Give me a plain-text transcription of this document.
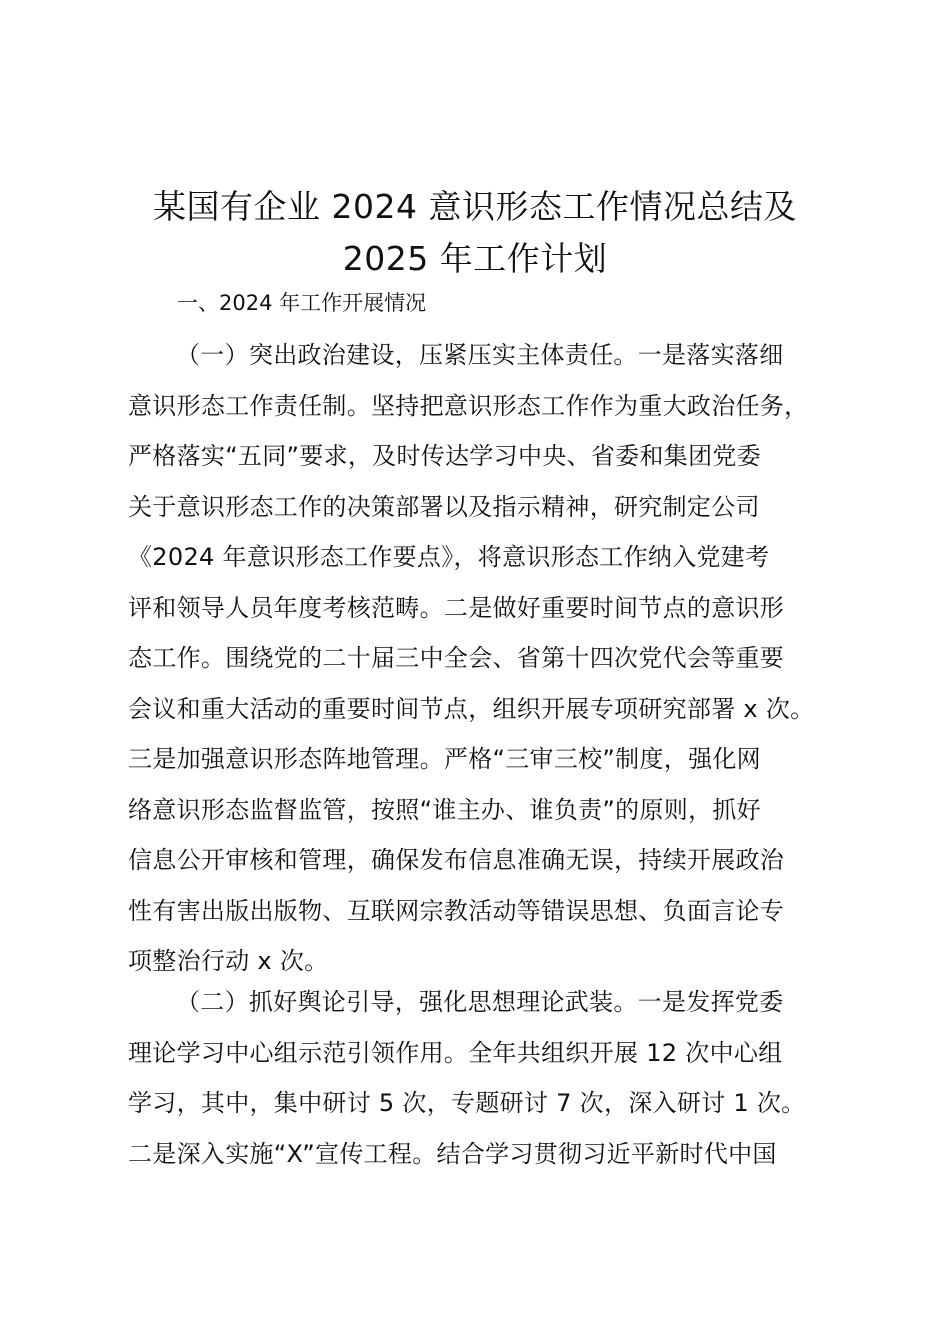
某国有企业 2024 意识形态工作情况总结及
2025 年工作计划
一、2024 年工作开展情况
（一）突出政治建设，压紧压实主体责任。一是落实落细
意识形态工作责任制。坚持把意识形态工作作为重大政治任务，
严格落实“五同”要求，及时传达学习中央、省委和集团党委
关于意识形态工作的决策部署以及指示精神，研究制定公司
《2024 年意识形态工作要点》，将意识形态工作纳入党建考
评和领导人员年度考核范畴。二是做好重要时间节点的意识形
态工作。围绕党的二十届三中全会、省第十四次党代会等重要
会议和重大活动的重要时间节点，组织开展专项研究部署 x 次。
三是加强意识形态阵地管理。严格“三审三校”制度，强化网
络意识形态监督监管，按照“谁主办、谁负责”的原则，抓好
信息公开审核和管理，确保发布信息准确无误，持续开展政治
性有害出版出版物、互联网宗教活动等错误思想、负面言论专
项整治行动 x 次。
（二）抓好舆论引导，强化思想理论武装。一是发挥党委
理论学习中心组示范引领作用。全年共组织开展 12 次中心组
学习，其中，集中研讨 5 次，专题研讨 7 次，深入研讨 1 次。
二是深入实施“X”宣传工程。结合学习贯彻习近平新时代中国
